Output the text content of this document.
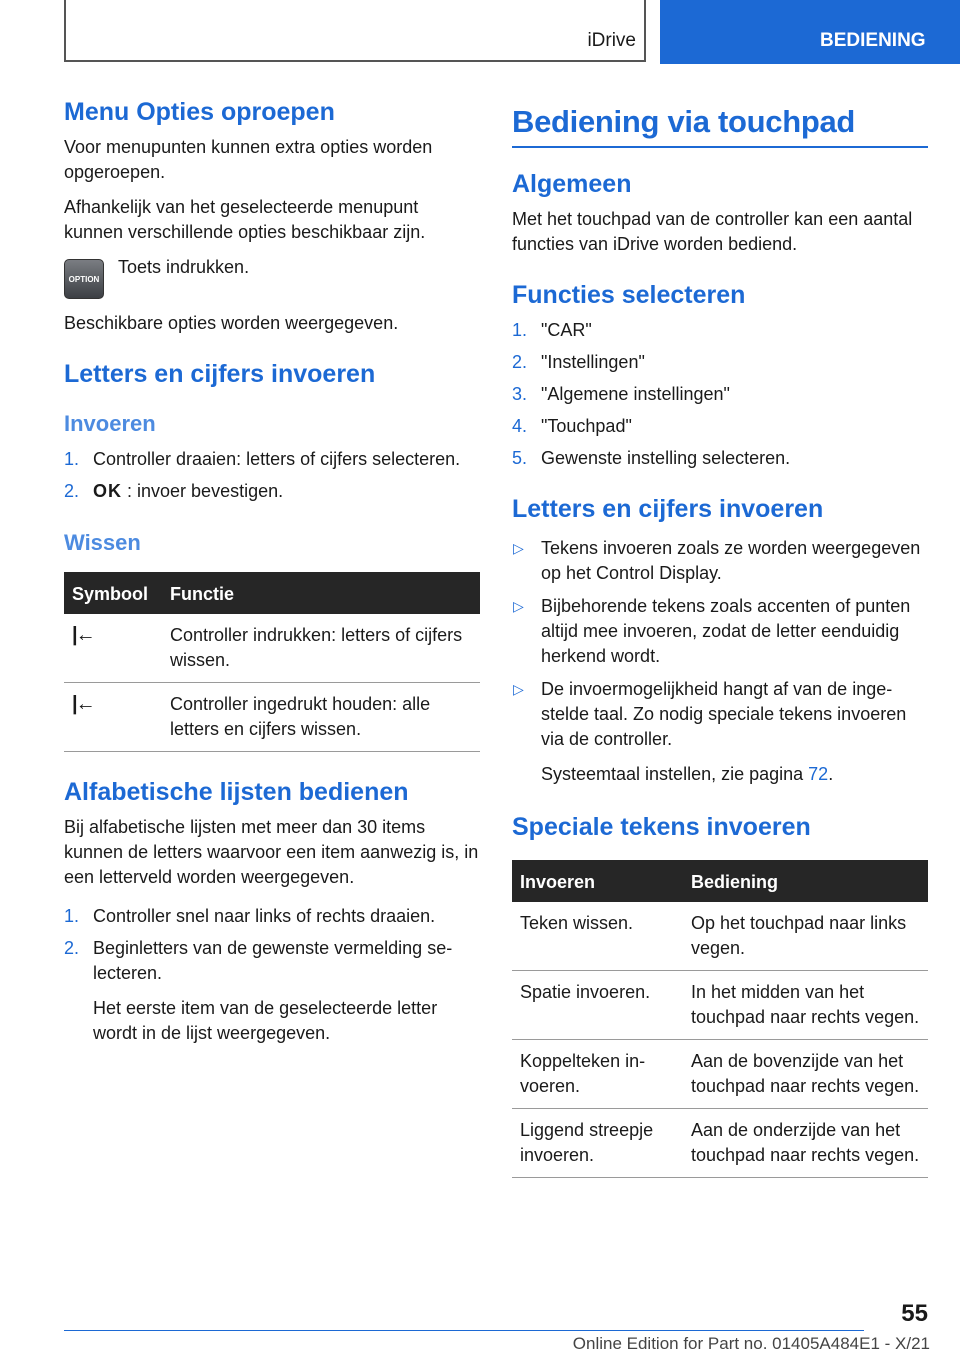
iDrive	BEDIENING
Menu Opties oproepen

Voor menupunten kunnen extra opties worden opgeroepen.

Afhankelijk van het geselecteerde menupunt kunnen verschillende opties beschikbaar zijn.

OPTION
Toets indrukken.

Beschikbare opties worden weergegeven.

Letters en cijfers invoeren
Invoeren
1. Controller draaien: letters of cijfers selecteren.
2. OK : invoer bevestigen.
Wissen
Symbool	Functie
|←	Controller indrukken: letters of cijfers wissen.
|←	Controller ingedrukt houden: alle letters en cijfers wissen.
Alfabetische lijsten bedienen

Bij alfabetische lijsten met meer dan 30 items kunnen de letters waarvoor een item aanwezig is, in een letterveld worden weergegeven.

1. Controller snel naar links of rechts draaien.
2. Beginletters van de gewenste vermelding selecteren.

Het eerste item van de geselecteerde letter wordt in de lijst weergegeven.

Bediening via touchpad
Algemeen

Met het touchpad van de controller kan een aantal functies van iDrive worden bediend.

Functies selecteren
1. "CAR"
2. "Instellingen"
3. "Algemene instellingen"
4. "Touchpad"
5. Gewenste instelling selecteren.
Letters en cijfers invoeren
▷ Tekens invoeren zoals ze worden weergegeven op het Control Display.
▷ Bijbehorende tekens zoals accenten of punten altijd mee invoeren, zodat de letter eenduidig herkend wordt.
▷ De invoermogelijkheid hangt af van de ingestelde taal. Zo nodig speciale tekens invoeren via de controller.

Systeemtaal instellen, zie pagina 72.

Speciale tekens invoeren
Invoeren	Bediening
Teken wissen.	Op het touchpad naar links vegen.
Spatie invoeren.	In het midden van het touchpad naar rechts vegen.
Koppelteken invoeren.	Aan de bovenzijde van het touchpad naar rechts vegen.
Liggend streepje invoeren.	Aan de onderzijde van het touchpad naar rechts vegen.
55
Online Edition for Part no. 01405A484E1 - X/21
